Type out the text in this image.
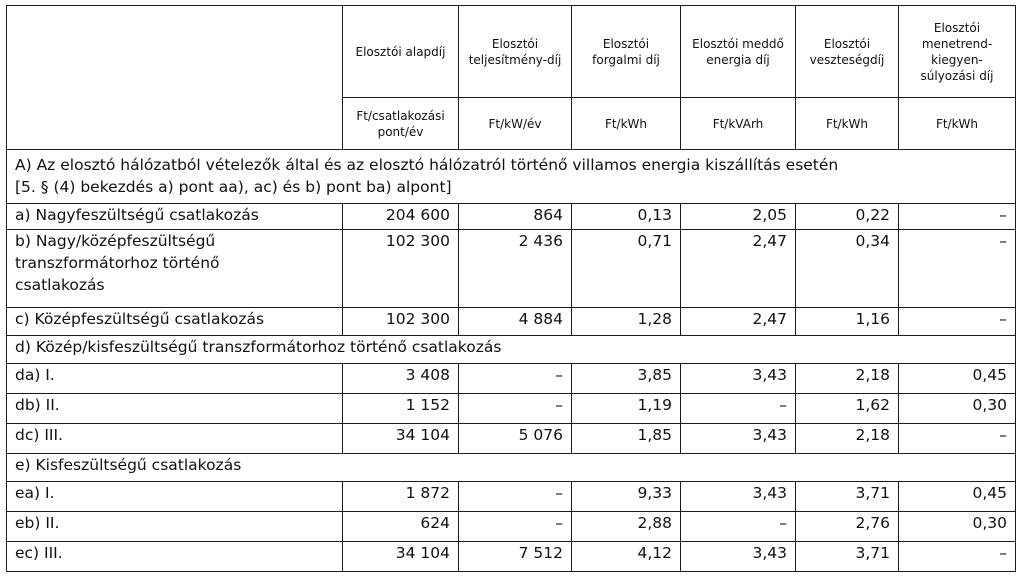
	Elosztói alapdíj	Elosztói teljesítmény-díj	Elosztói forgalmi díj	Elosztói meddő energia díj	Elosztói veszteségdíj	Elosztói menetrend-kiegyen-súlyozási díj
	Ft/csatlakozási pont/év	Ft/kW/év	Ft/kWh	Ft/kVArh	Ft/kWh	Ft/kWh

A) Az elosztó hálózatból vételezők által és az elosztó hálózatról történő villamos energia kiszállítás esetén
[5. § (4) bekezdés a) pont aa), ac) és b) pont ba) alpont]						

a) Nagyfeszültségű csatlakozás	204 600	864	0,13	2,05	0,22	–
b) Nagy/középfeszültségű transzformátorhoz történő csatlakozás	102 300	2 436	0,71	2,47	0,34	–
c) Középfeszültségű csatlakozás	102 300	4 884	1,28	2,47	1,16	–
d) Közép/kisfeszültségű transzformátorhoz történő csatlakozás						
da) I.	3 408	–	3,85	3,43	2,18	0,45
db) II.	1 152	–	1,19	–	1,62	0,30
dc) III.	34 104	5 076	1,85	3,43	2,18	–
e) Kisfeszültségű csatlakozás						
ea) I.	1 872	–	9,33	3,43	3,71	0,45
eb) II.	624	–	2,88	–	2,76	0,30
ec) III.	34 104	7 512	4,12	3,43	3,71	–
